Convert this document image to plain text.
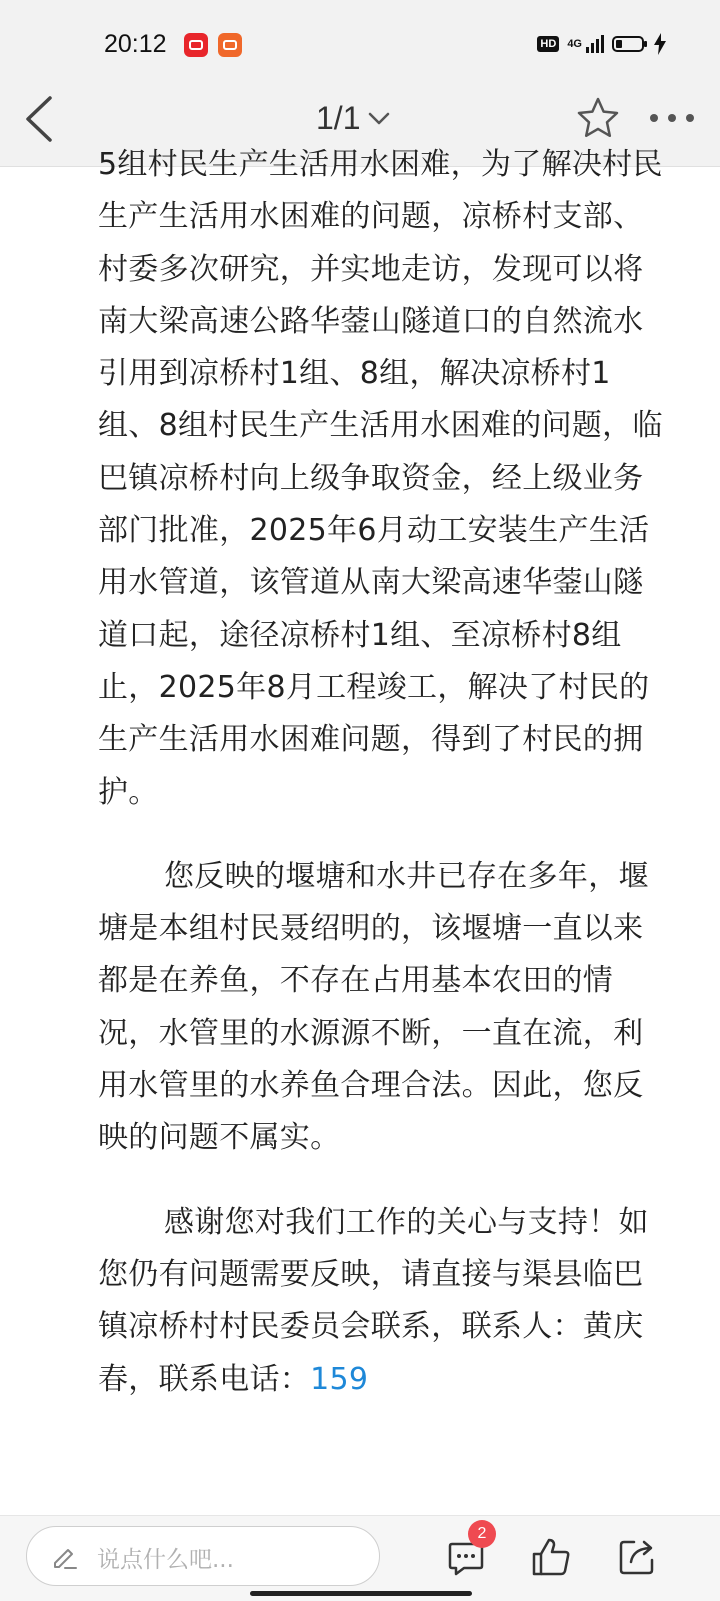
20:12	HD 4G
1/1

5组村民生产生活用水困难，为了解决村民生产生活用水困难的问题，凉桥村支部、村委多次研究，并实地走访，发现可以将南大梁高速公路华蓥山隧道口的自然流水引用到凉桥村1组、8组，解决凉桥村1组、8组村民生产生活用水困难的问题，临巴镇凉桥村向上级争取资金，经上级业务部门批准，2025年6月动工安装生产生活用水管道，该管道从南大梁高速华蓥山隧道口起，途径凉桥村1组、至凉桥村8组止，2025年8月工程竣工，解决了村民的生产生活用水困难问题，得到了村民的拥护。

您反映的堰塘和水井已存在多年，堰塘是本组村民聂绍明的，该堰塘一直以来都是在养鱼，不存在占用基本农田的情况，水管里的水源源不断，一直在流，利用水管里的水养鱼合理合法。因此，您反映的问题不属实。

感谢您对我们工作的关心与支持！如您仍有问题需要反映，请直接与渠县临巴镇凉桥村村民委员会联系，联系人：黄庆春，联系电话：159

说点什么吧...
2
